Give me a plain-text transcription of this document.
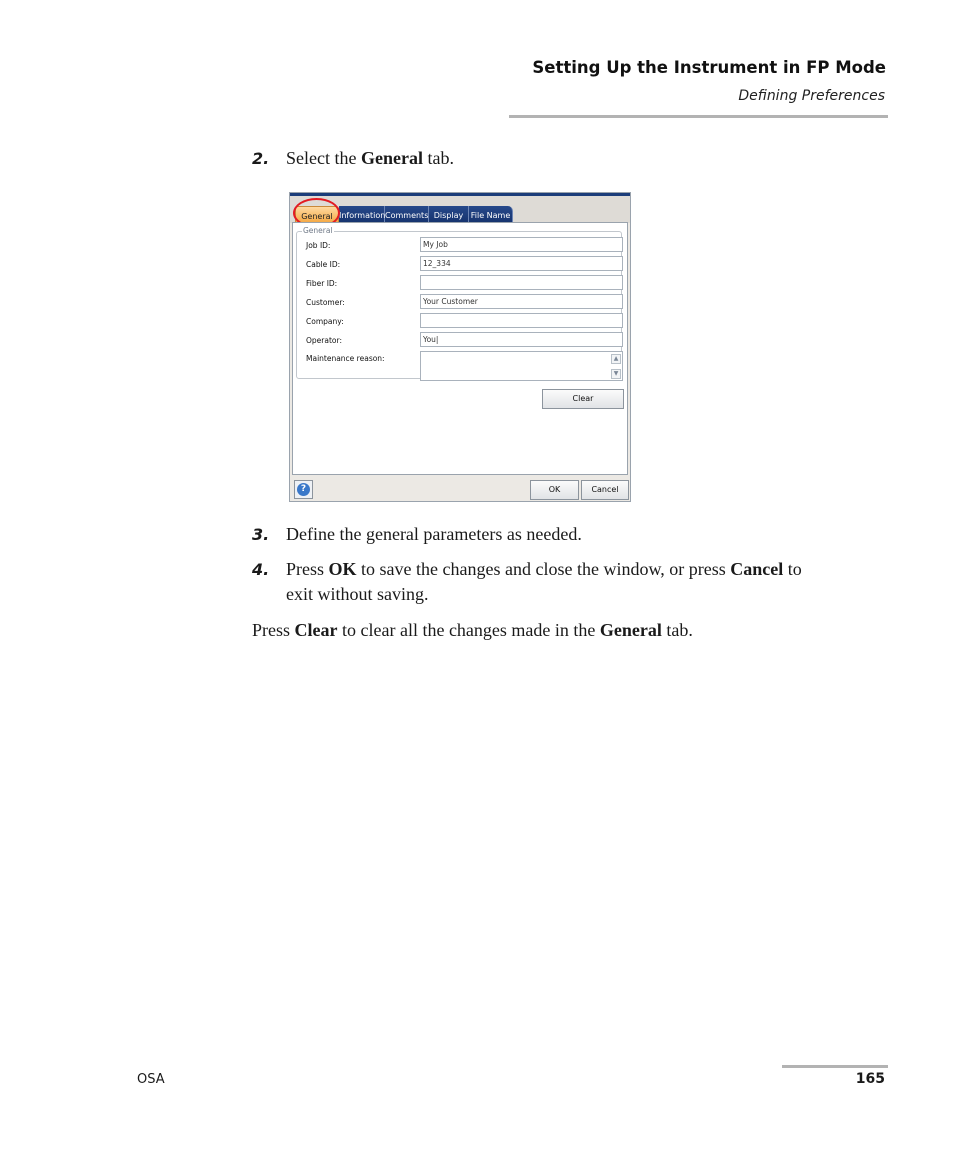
Setting Up the Instrument in FP Mode
Defining Preferences
2. Select the General tab.
General Information Comments Display File Name
General
Job ID:	My Job
Cable ID:	12_334
Fiber ID:
Customer:	Your Customer
Company:
Operator:	You|
Maintenance reason:	▲
▼
Clear
?	OK	Cancel
3. Define the general parameters as needed.
4. Press OK to save the changes and close the window, or press Cancel to
exit without saving.
Press Clear to clear all the changes made in the General tab.
OSA	165
